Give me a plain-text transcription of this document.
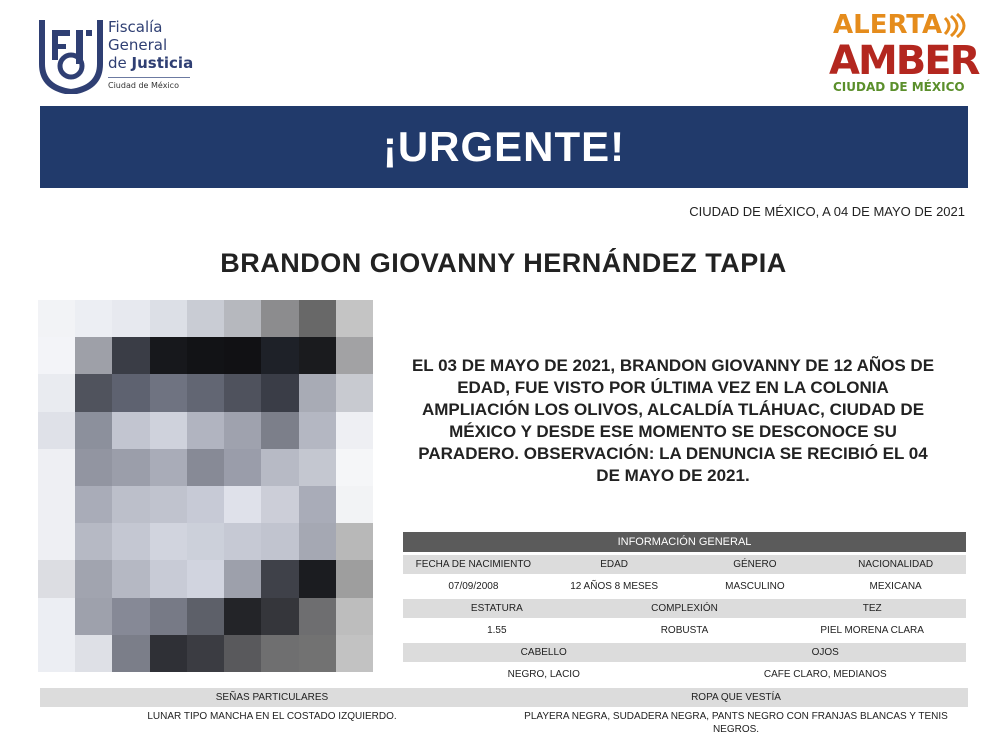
Fiscalía
General
de Justicia
Ciudad de México
ALERTA
AMBER
CIUDAD DE MÉXICO
¡URGENTE!
CIUDAD DE MÉXICO, A 04 DE MAYO DE 2021
BRANDON GIOVANNY HERNÁNDEZ TAPIA
EL 03 DE MAYO DE 2021, BRANDON GIOVANNY DE 12 AÑOS DE EDAD, FUE VISTO POR ÚLTIMA VEZ EN LA COLONIA AMPLIACIÓN LOS OLIVOS, ALCALDÍA TLÁHUAC, CIUDAD DE MÉXICO Y DESDE ESE MOMENTO SE DESCONOCE SU PARADERO. OBSERVACIÓN: LA DENUNCIA SE RECIBIÓ EL 04 DE MAYO DE 2021.
INFORMACIÓN GENERAL
FECHA DE NACIMIENTO	EDAD	GÉNERO	NACIONALIDAD
07/09/2008	12 AÑOS 8 MESES	MASCULINO	MEXICANA
ESTATURA	COMPLEXIÓN	TEZ
1.55	ROBUSTA	PIEL MORENA CLARA
CABELLO	OJOS
NEGRO, LACIO	CAFE CLARO, MEDIANOS
SEÑAS PARTICULARES	ROPA QUE VESTÍA
LUNAR TIPO MANCHA EN EL COSTADO IZQUIERDO.	PLAYERA NEGRA, SUDADERA NEGRA, PANTS NEGRO CON FRANJAS BLANCAS Y TENIS NEGROS.
